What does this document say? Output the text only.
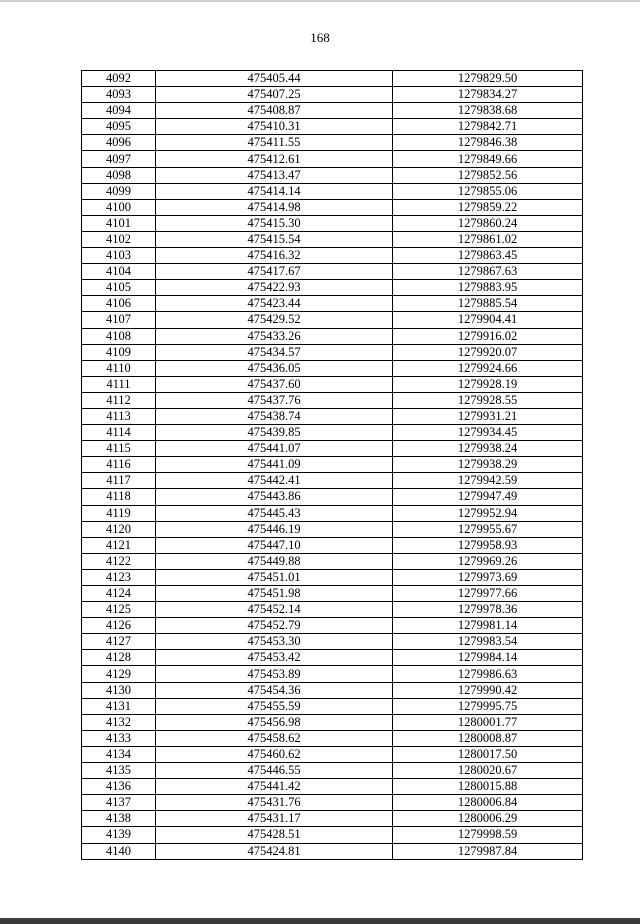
168
4092	475405.44	1279829.50
4093	475407.25	1279834.27
4094	475408.87	1279838.68
4095	475410.31	1279842.71
4096	475411.55	1279846.38
4097	475412.61	1279849.66
4098	475413.47	1279852.56
4099	475414.14	1279855.06
4100	475414.98	1279859.22
4101	475415.30	1279860.24
4102	475415.54	1279861.02
4103	475416.32	1279863.45
4104	475417.67	1279867.63
4105	475422.93	1279883.95
4106	475423.44	1279885.54
4107	475429.52	1279904.41
4108	475433.26	1279916.02
4109	475434.57	1279920.07
4110	475436.05	1279924.66
4111	475437.60	1279928.19
4112	475437.76	1279928.55
4113	475438.74	1279931.21
4114	475439.85	1279934.45
4115	475441.07	1279938.24
4116	475441.09	1279938.29
4117	475442.41	1279942.59
4118	475443.86	1279947.49
4119	475445.43	1279952.94
4120	475446.19	1279955.67
4121	475447.10	1279958.93
4122	475449.88	1279969.26
4123	475451.01	1279973.69
4124	475451.98	1279977.66
4125	475452.14	1279978.36
4126	475452.79	1279981.14
4127	475453.30	1279983.54
4128	475453.42	1279984.14
4129	475453.89	1279986.63
4130	475454.36	1279990.42
4131	475455.59	1279995.75
4132	475456.98	1280001.77
4133	475458.62	1280008.87
4134	475460.62	1280017.50
4135	475446.55	1280020.67
4136	475441.42	1280015.88
4137	475431.76	1280006.84
4138	475431.17	1280006.29
4139	475428.51	1279998.59
4140	475424.81	1279987.84
